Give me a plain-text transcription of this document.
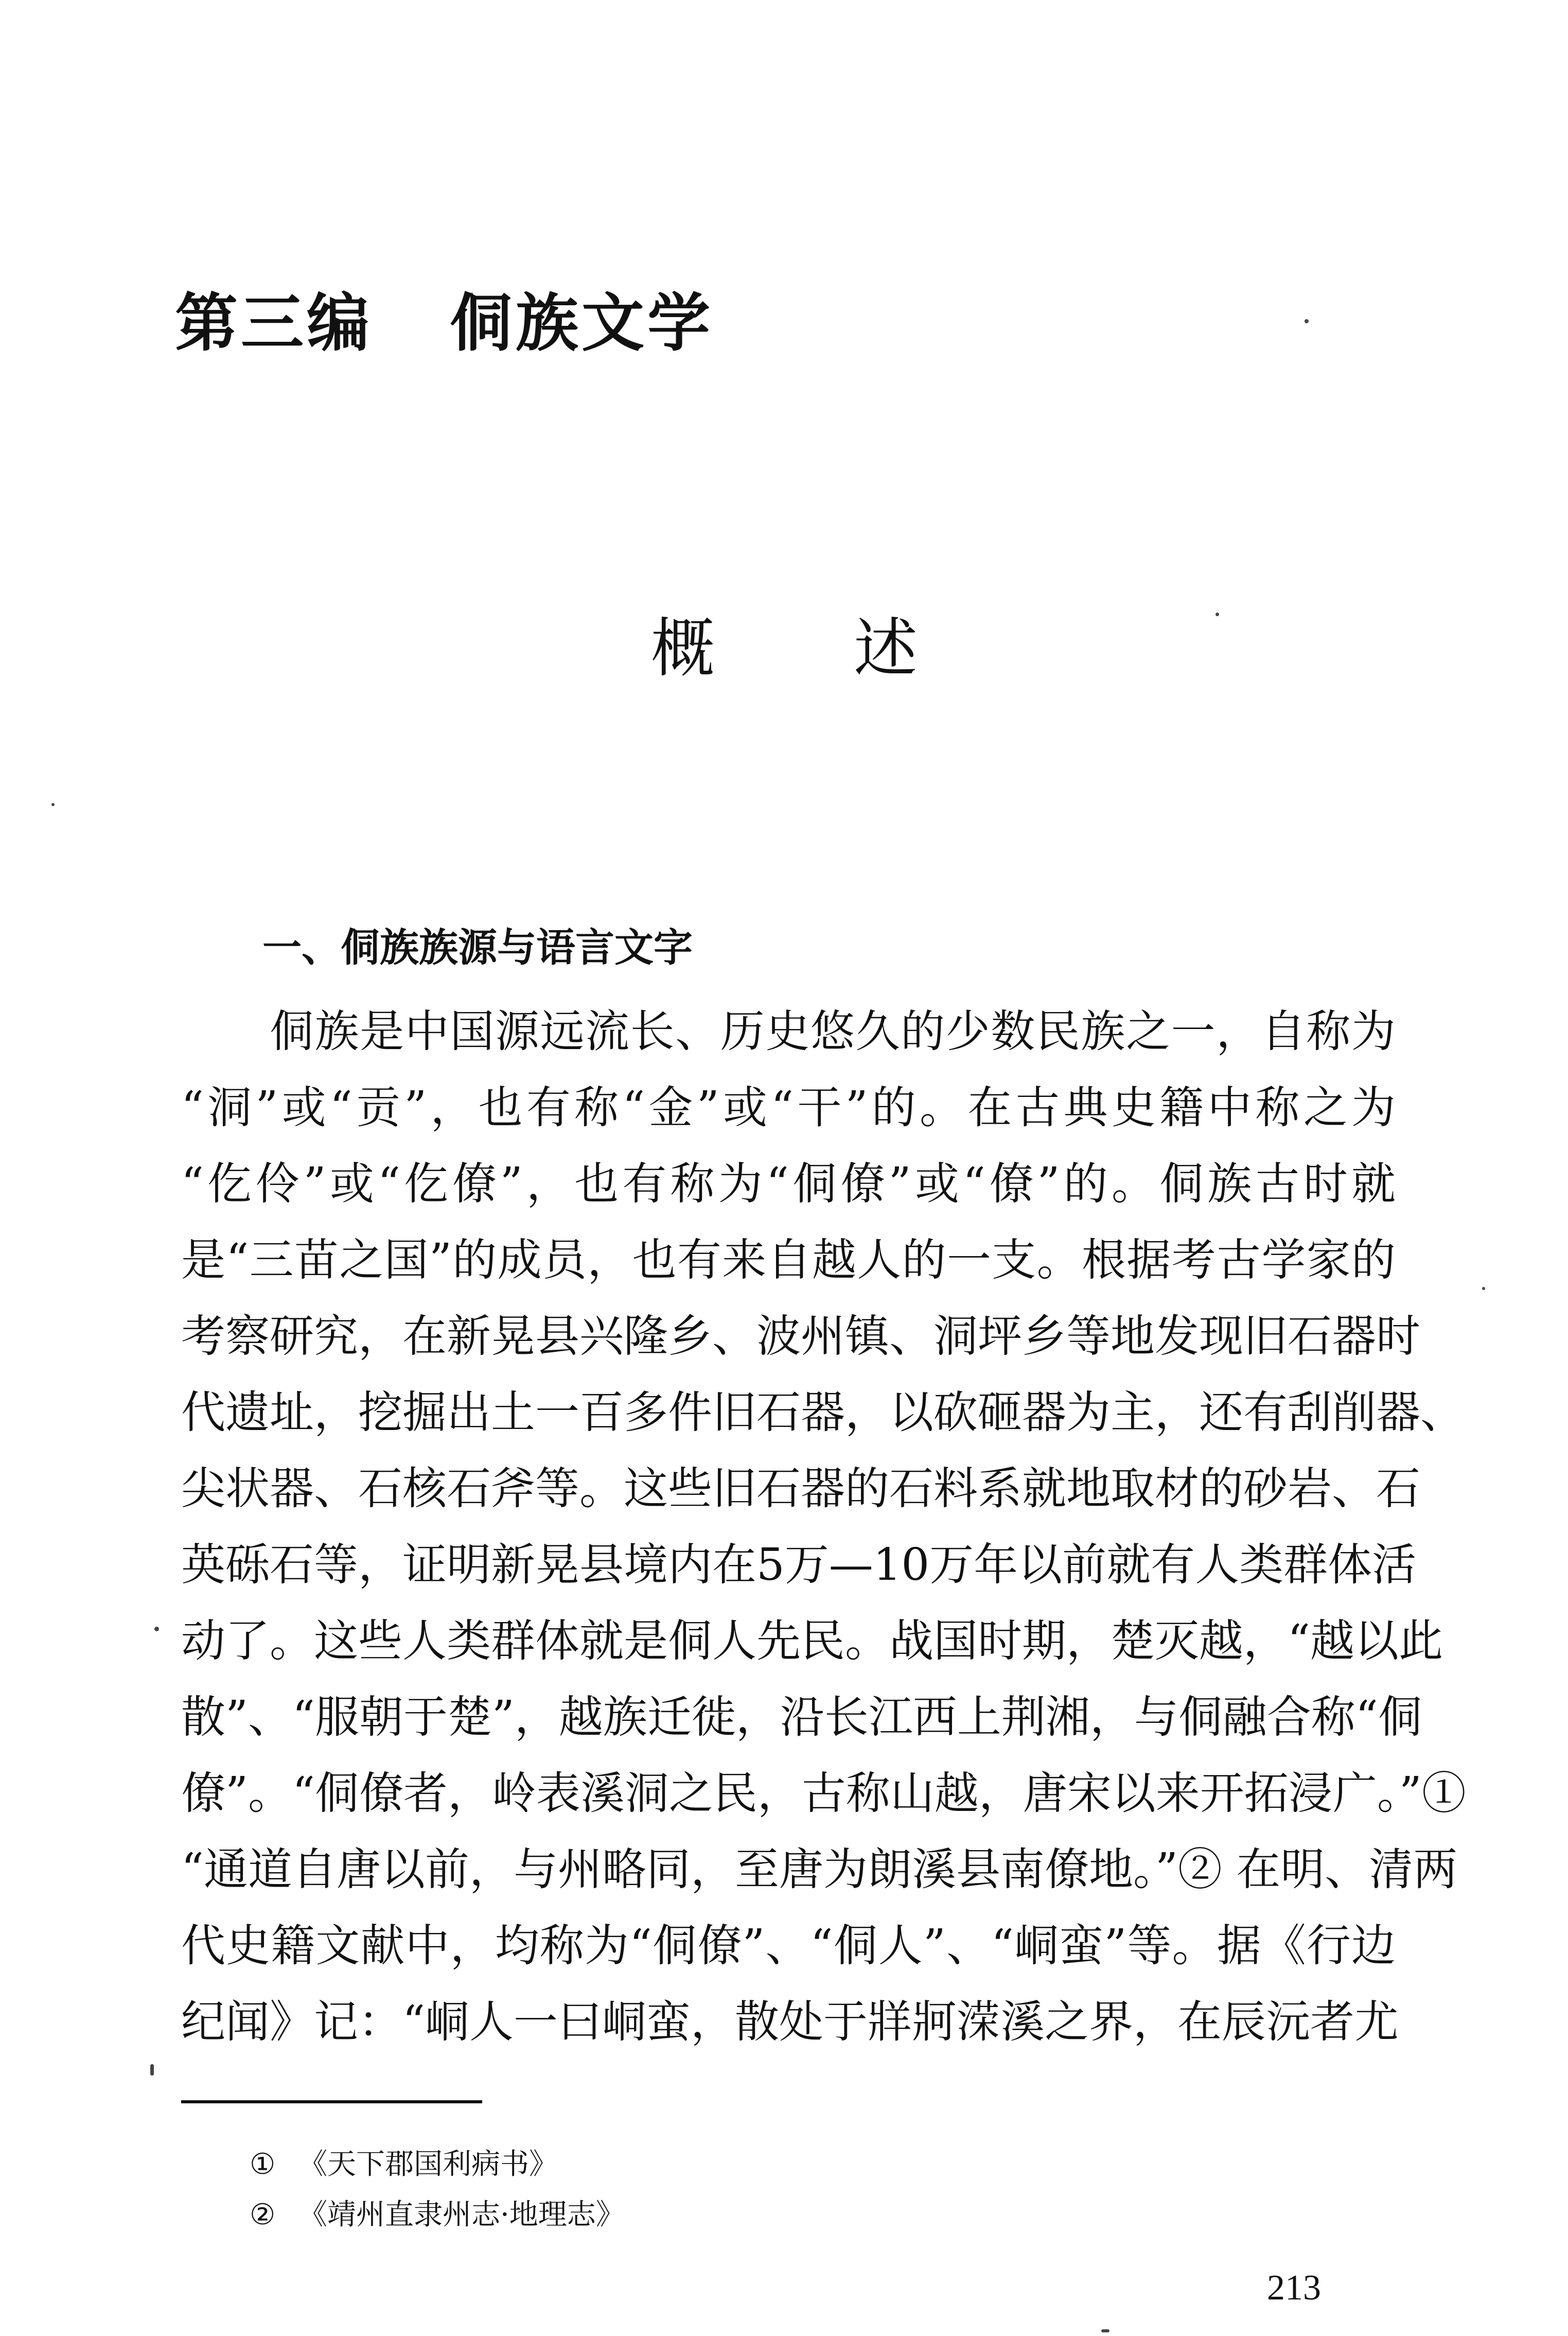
第三编 侗族文学
概 述
一、侗族族源与语言文字
侗族是中国源远流长、历史悠久的少数民族之一，自称为
“洞”或“贡”，也有称“金”或“干”的。在古典史籍中称之为
“仡伶”或“仡僚”，也有称为“侗僚”或“僚”的。侗族古时就
是“三苗之国”的成员，也有来自越人的一支。根据考古学家的
考察研究，在新晃县兴隆乡、波州镇、洞坪乡等地发现旧石器时
代遗址，挖掘出土一百多件旧石器，以砍砸器为主，还有刮削器、
尖状器、石核石斧等。这些旧石器的石料系就地取材的砂岩、石
英砾石等，证明新晃县境内在5万—10万年以前就有人类群体活
动了。这些人类群体就是侗人先民。战国时期，楚灭越，“越以此
散”、“服朝于楚”，越族迁徙，沿长江西上荆湘，与侗融合称“侗
僚”。“侗僚者，岭表溪洞之民，古称山越，唐宋以来开拓浸广。”①
“通道自唐以前，与州略同，至唐为朗溪县南僚地。”② 在明、清两
代史籍文献中，均称为“侗僚”、“侗人”、“峒蛮”等。据《行边
纪闻》记：“峒人一曰峒蛮，散处于牂牁溁溪之界，在辰沅者尤
① 《天下郡国利病书》
② 《靖州直隶州志·地理志》
213
